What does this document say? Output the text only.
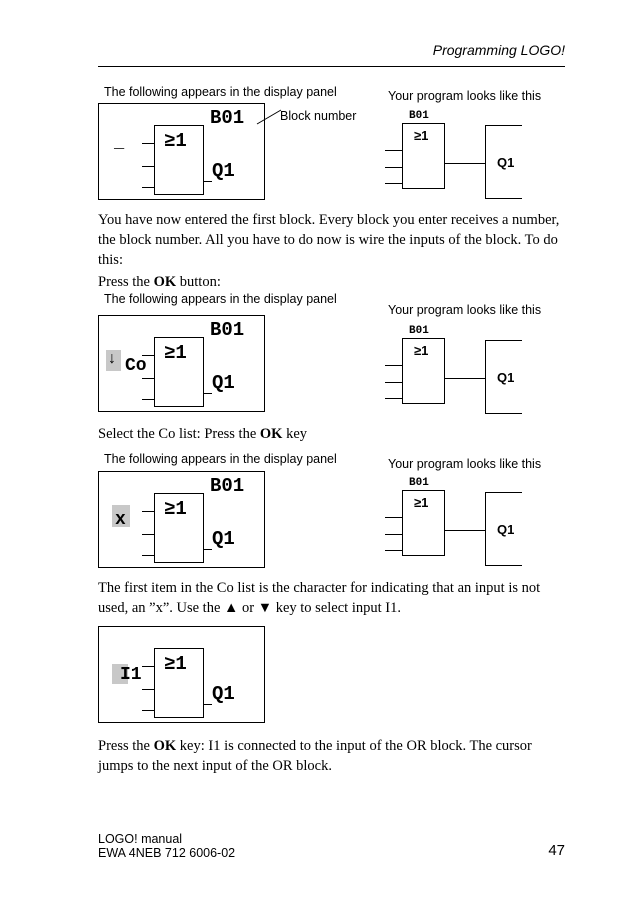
Programming LOGO!
The following appears in the display panel	Your program looks like this
_ ≥1
B01
Q1
Block number	B01
≥1
Q1
You have now entered the first block. Every block you enter receives a number, the block number. All you have to do now is wire the inputs of the block. To do this:
Press the OK button:
The following appears in the display panel
Your program looks like this
↓ Co
≥1
B01
Q1
B01
≥1
Q1
Select the Co list: Press the OK key
The following appears in the display panel	Your program looks like this
x ≥1
B01
Q1
B01
≥1
Q1
The first item in the Co list is the character for indicating that an input is not used, an ”x”. Use the ▲ or ▼ key to select input I1.
I1 ≥1
Q1
Press the OK key: I1 is connected to the input of the OR block. The cursor jumps to the next input of the OR block.
LOGO! manual
EWA 4NEB 712 6006-02	47
